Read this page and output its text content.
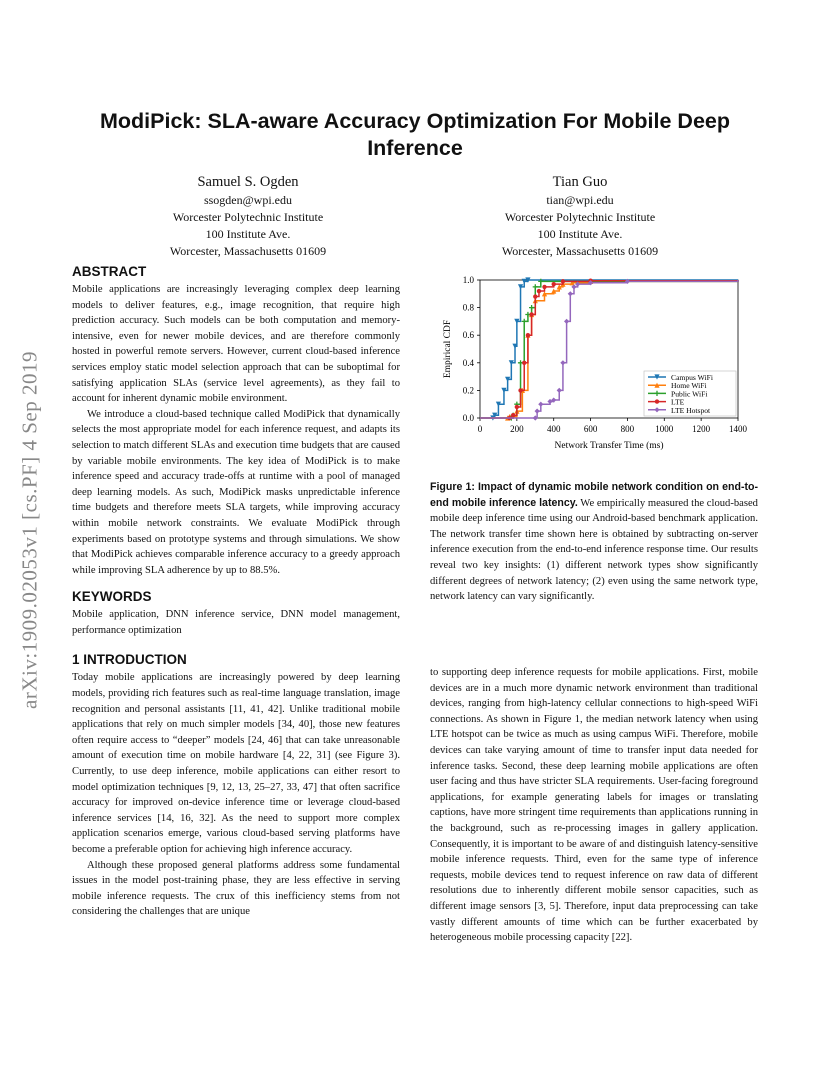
arXiv:1909.02053v1 [cs.PF] 4 Sep 2019
ModiPick: SLA-aware Accuracy Optimization For Mobile Deep
Inference
Samuel S. Ogden
ssogden@wpi.edu
Worcester Polytechnic Institute
100 Institute Ave.
Worcester, Massachusetts 01609
Tian Guo
tian@wpi.edu
Worcester Polytechnic Institute
100 Institute Ave.
Worcester, Massachusetts 01609
ABSTRACT

Mobile applications are increasingly leveraging complex deep learning models to deliver features, e.g., image recognition, that require high prediction accuracy. Such models can be both computation and memory-intensive, even for newer mobile devices, and are therefore commonly hosted in powerful remote servers. However, current cloud-based inference services employ static model selection approach that can be suboptimal for satisfying application SLAs (service level agreements), as they fail to account for inherent dynamic mobile environment.

We introduce a cloud-based technique called ModiPick that dynamically selects the most appropriate model for each inference request, and adapts its selection to match different SLAs and execution time budgets that are caused by variable mobile environments. The key idea of ModiPick is to make inference speed and accuracy trade-offs at runtime with a pool of managed deep learning models. As such, ModiPick masks unpredictable inference time budgets and therefore meets SLA targets, while improving accuracy within mobile network constraints. We evaluate ModiPick through experiments based on prototype systems and through simulations. We show that ModiPick achieves comparable inference accuracy to a greedy approach while improving SLA adherence by up to 88.5%.

KEYWORDS
Mobile application, DNN inference service, DNN model management, performance optimization
1 INTRODUCTION

Today mobile applications are increasingly powered by deep learning models, providing rich features such as real-time language translation, image recognition and personal assistants [11, 41, 42]. Unlike traditional mobile applications that rely on much simpler models [34, 40], those new features often require access to “deeper” models [24, 46] that can take unreasonable amount of execution time on mobile hardware [4, 22, 31] (see Figure 3). Currently, to use deep inference, mobile applications can either resort to model optimization techniques [9, 12, 13, 25–27, 33, 47] that often sacrifice accuracy for improved on-device inference time or leverage cloud-based inference services [14, 16, 32]. As the need to support more complex application scenarios emerge, various cloud-based serving platforms have become a preferable option for achieving high inference accuracy.

Although these proposed general platforms address some fundamental issues in the model post-training phase, they are less effective in serving mobile inference requests. The crux of this inefficiency stems from not considering the challenges that are unique

0	200	400	600	800 1000 1200 1400
0.0
0.2
0.4
0.6
0.8
1.0
Network Transfer Time (ms)
Empirical CDF	Campus WiFi
Home WiFi
Public WiFi
LTE
LTE Hotspot
Figure 1: Impact of dynamic mobile network condition on end-to-end mobile inference latency. We empirically measured the cloud-based mobile deep inference time using our Android-based benchmark application. The network transfer time shown here is obtained by subtracting on-server inference execution from the end-to-end inference response time. Our results reveal two key insights: (1) different network types show significantly different degrees of network latency; (2) even using the same network type, network latency can vary significantly.

to supporting deep inference requests for mobile applications. First, mobile devices are in a much more dynamic network environment than traditional devices, ranging from high-latency cellular connections to high-speed WiFi connections. As shown in Figure 1, the median network latency when using LTE hotspot can be twice as much as using campus WiFi. Therefore, mobile devices can take varying amount of time to transfer input data needed for inference tasks. Second, these deep learning mobile applications are often user facing and thus have stricter SLA requirements. User-facing foreground applications, for example generating labels for images or translating captions, have more stringent time requirements than applications running in the background, such as re-processing images in gallery application. Consequently, it is important to be aware of and distinguish latency-sensitive mobile inference requests. Third, even for the same type of inference requests, mobile devices tend to request inference on raw data of different resolutions due to inherently different mobile sensor capacities, such as different image sensors [3, 5]. Therefore, input data preprocessing can take vastly different amounts of time which can be further exacerbated by heterogeneous mobile processing capacity [22].
